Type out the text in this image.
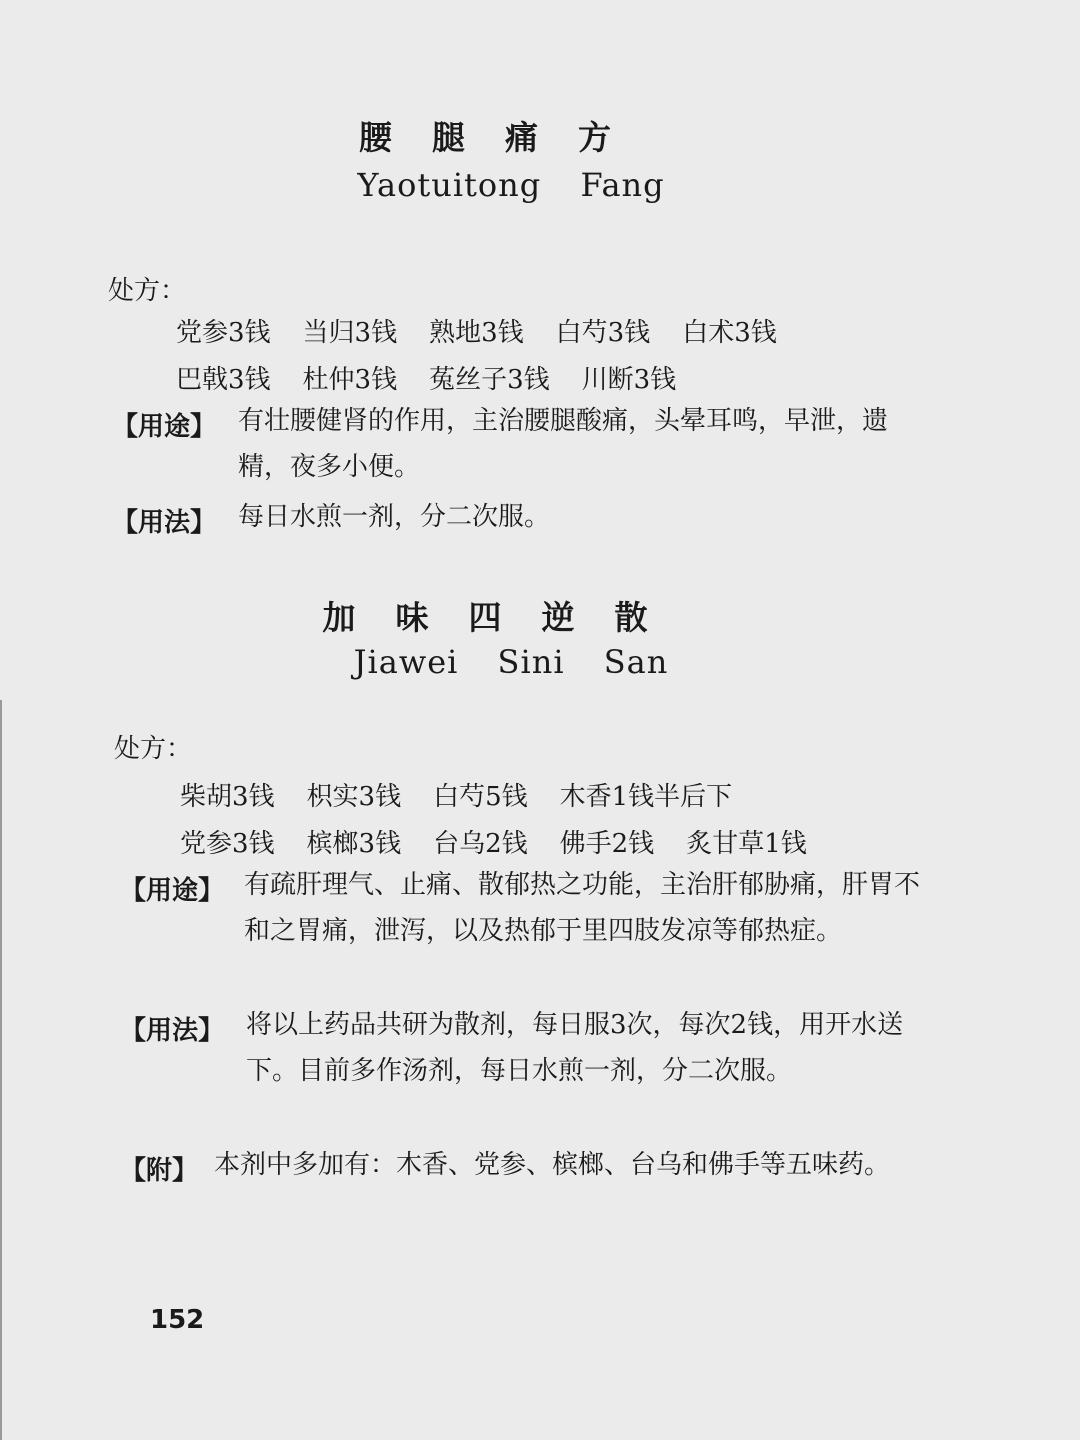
腰腿痛方
Yaotuitong Fang
处方：
党参3钱 当归3钱 熟地3钱 白芍3钱 白术3钱
巴戟3钱 杜仲3钱 菟丝子3钱 川断3钱
【用途】 有壮腰健肾的作用，主治腰腿酸痛，头晕耳鸣，早泄，遗精，夜多小便。
【用法】 每日水煎一剂，分二次服。
加味四逆散
Jiawei Sini San
处方：
柴胡3钱 枳实3钱 白芍5钱 木香1钱半后下
党参3钱 槟榔3钱 台乌2钱 佛手2钱 炙甘草1钱
【用途】 有疏肝理气、止痛、散郁热之功能，主治肝郁胁痛，肝胃不和之胃痛，泄泻，以及热郁于里四肢发凉等郁热症。
【用法】 将以上药品共研为散剂，每日服3次，每次2钱，用开水送下。目前多作汤剂，每日水煎一剂，分二次服。
【附】 本剂中多加有：木香、党参、槟榔、台乌和佛手等五味药。
152
